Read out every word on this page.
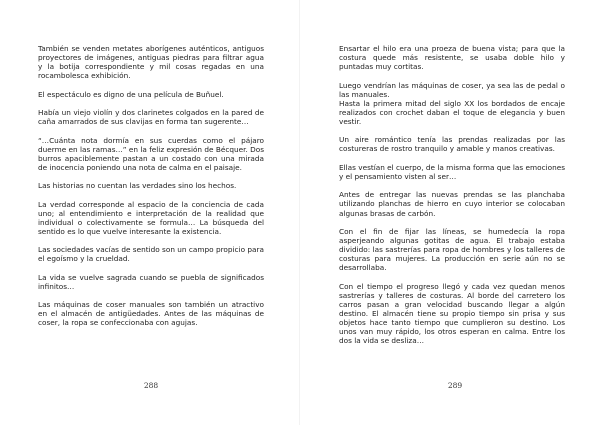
También se venden metates aborígenes auténticos, antiguos proyectores de imágenes, antiguas piedras para filtrar agua y la botija correspondiente y mil cosas regadas en una rocambolesca exhibición.

El espectáculo es digno de una película de Buñuel.

Había un viejo violín y dos clarinetes colgados en la pared de caña amarrados de sus clavijas en forma tan sugerente…

“…Cuánta nota dormía en sus cuerdas como el pájaro duerme en las ramas…” en la feliz expresión de Bécquer. Dos burros apaciblemente pastan a un costado con una mirada de inocencia poniendo una nota de calma en el paisaje.

Las historias no cuentan las verdades sino los hechos.

La verdad corresponde al espacio de la conciencia de cada uno; al entendimiento e interpretación de la realidad que individual o colectivamente se formula… La búsqueda del sentido es lo que vuelve interesante la existencia.

Las sociedades vacías de sentido son un campo propicio para el egoísmo y la crueldad.

La vida se vuelve sagrada cuando se puebla de significados infinitos…

Las máquinas de coser manuales son también un atractivo en el almacén de antigüedades. Antes de las máquinas de coser, la ropa se confeccionaba con agujas.

288

Ensartar el hilo era una proeza de buena vista; para que la costura quede más resistente, se usaba doble hilo y puntadas muy cortitas.

Luego vendrían las máquinas de coser, ya sea las de pedal o las manuales.
Hasta la primera mitad del siglo XX los bordados de encaje realizados con crochet daban el toque de elegancia y buen vestir.

Un aire romántico tenía las prendas realizadas por las costureras de rostro tranquilo y amable y manos creativas.

Ellas vestían el cuerpo, de la misma forma que las emociones y el pensamiento visten al ser…

Antes de entregar las nuevas prendas se las planchaba utilizando planchas de hierro en cuyo interior se colocaban algunas brasas de carbón.

Con el fin de fijar las líneas, se humedecía la ropa asperjeando algunas gotitas de agua. El trabajo estaba dividido: las sastrerías para ropa de hombres y los talleres de costuras para mujeres. La producción en serie aún no se desarrollaba.

Con el tiempo el progreso llegó y cada vez quedan menos sastrerías y talleres de costuras. Al borde del carretero los carros pasan a gran velocidad buscando llegar a algún destino. El almacén tiene su propio tiempo sin prisa y sus objetos hace tanto tiempo que cumplieron su destino. Los unos van muy rápido, los otros esperan en calma. Entre los dos la vida se desliza…

289
